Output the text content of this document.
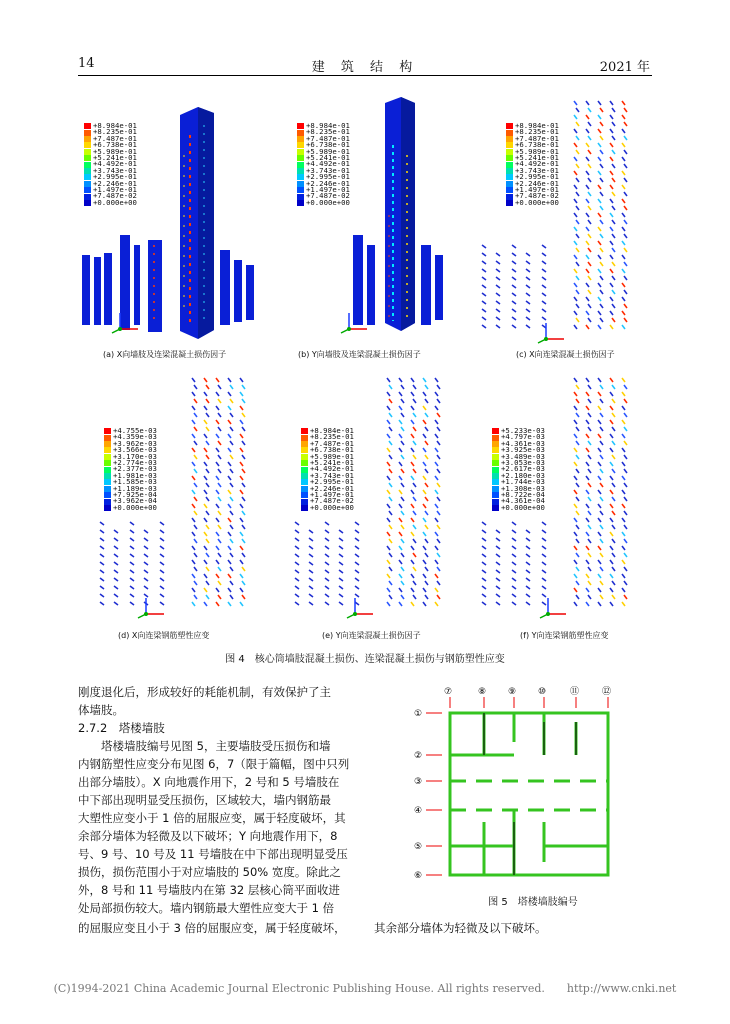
14	建 筑 结 构	2021 年
+8.984e-01
+8.235e-01
+7.487e-01
+6.738e-01
+5.989e-01
+5.241e-01
+4.492e-01
+3.743e-01
+2.995e-01
+2.246e-01
+1.497e-01
+7.487e-02
+0.000e+00
(a) X向墙肢及连梁混凝土损伤因子
+8.984e-01
+8.235e-01
+7.487e-01
+6.738e-01
+5.989e-01
+5.241e-01
+4.492e-01
+3.743e-01
+2.995e-01
+2.246e-01
+1.497e-01
+7.487e-02
+0.000e+00
(b) Y向墙肢及连梁混凝土损伤因子
+8.984e-01
+8.235e-01
+7.487e-01
+6.738e-01
+5.989e-01
+5.241e-01
+4.492e-01
+3.743e-01
+2.995e-01
+2.246e-01
+1.497e-01
+7.487e-02
+0.000e+00
(c) X向连梁混凝土损伤因子
+4.755e-03
+4.359e-03
+3.962e-03
+3.566e-03
+3.170e-03
+2.774e-03
+2.377e-03
+1.981e-03
+1.585e-03
+1.189e-03
+7.925e-04
+3.962e-04
+0.000e+00
(d) X向连梁钢筋塑性应变
+8.984e-01
+8.235e-01
+7.487e-01
+6.738e-01
+5.989e-01
+5.241e-01
+4.492e-01
+3.743e-01
+2.995e-01
+2.246e-01
+1.497e-01
+7.487e-02
+0.000e+00
(e) Y向连梁混凝土损伤因子
+5.233e-03
+4.797e-03
+4.361e-03
+3.925e-03
+3.489e-03
+3.053e-03
+2.617e-03
+2.180e-03
+1.744e-03
+1.308e-03
+8.722e-04
+4.361e-04
+0.000e+00
(f) Y向连梁钢筋塑性应变
图 4　核心筒墙肢混凝土损伤、连梁混凝土损伤与钢筋塑性应变
刚度退化后，形成较好的耗能机制，有效保护了主
体墙肢。
2.7.2　塔楼墙肢
　　塔楼墙肢编号见图 5，主要墙肢受压损伤和墙
内钢筋塑性应变分布见图 6，7（限于篇幅，图中只列
出部分墙肢）。X 向地震作用下，2 号和 5 号墙肢在
中下部出现明显受压损伤，区域较大，墙内钢筋最
大塑性应变小于 1 倍的屈服应变，属于轻度破坏，其
余部分墙体为轻微及以下破坏；Y 向地震作用下，8
号、9 号、10 号及 11 号墙肢在中下部出现明显受压
损伤，损伤范围小于对应墙肢的 50% 宽度。除此之
外，8 号和 11 号墙肢内在第 32 层核心筒平面收进
处局部损伤较大。墙内钢筋最大塑性应变大于 1 倍
⑦	⑧ ⑨ ⑩	⑪	⑫
①
②
③
④
⑤
⑥
图 5　塔楼墙肢编号
的屈服应变且小于 3 倍的屈服应变，属于轻度破坏， 其余部分墙体为轻微及以下破坏。
(C)1994-2021 China Academic Journal Electronic Publishing House. All rights reserved.　　http://www.cnki.net
